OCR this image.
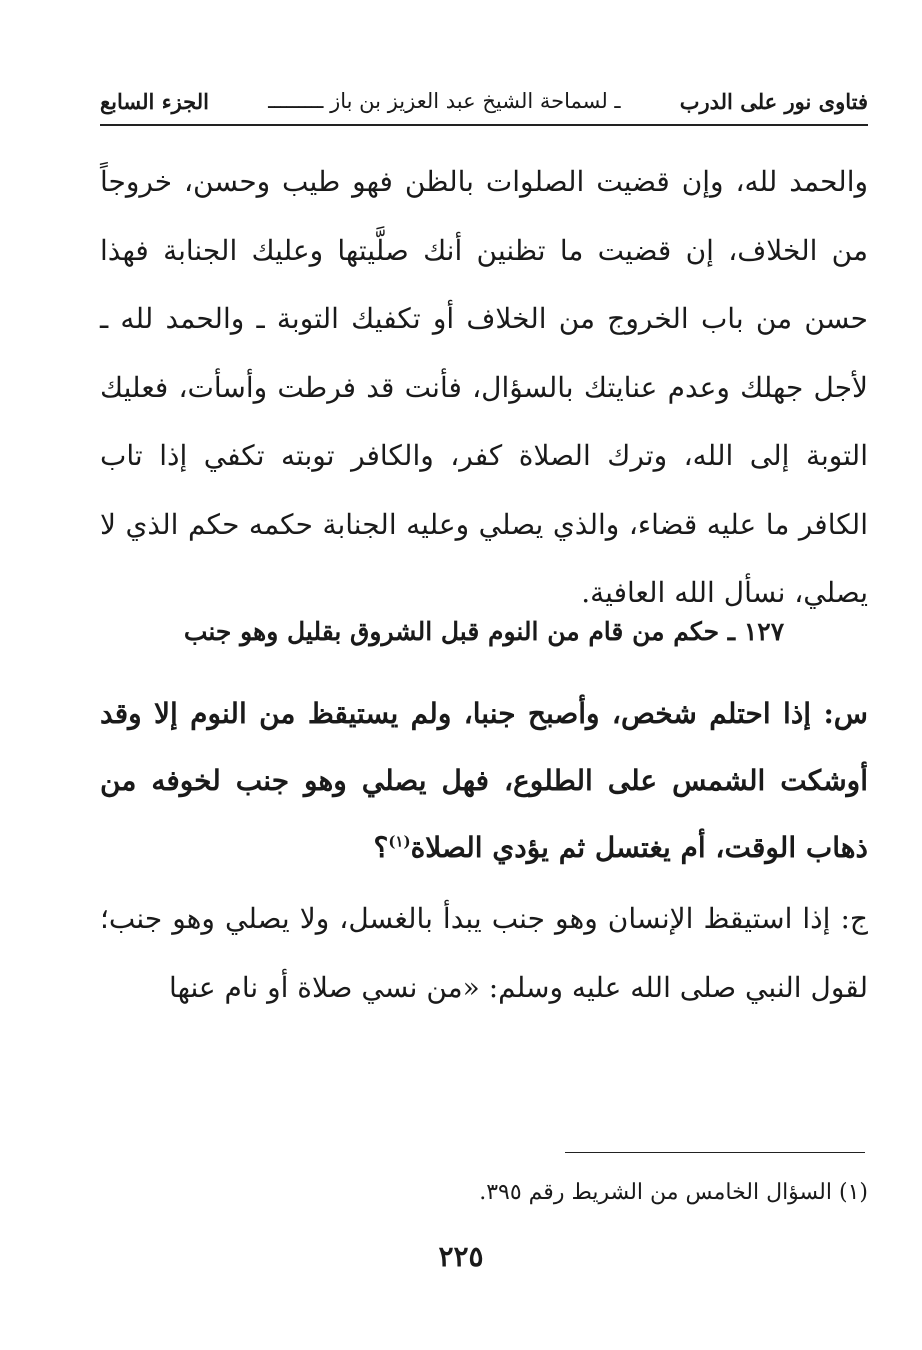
فتاوى نور على الدرب
ـ لسماحة الشيخ عبد العزيز بن باز ـــــــــ
الجزء السابع
والحمد لله، وإن قضيت الصلوات بالظن فهو طيب وحسن، خروجاً من الخلاف، إن قضيت ما تظنين أنك صلَّيتها وعليك الجنابة فهذا حسن من باب الخروج من الخلاف أو تكفيك التوبة ـ والحمد لله ـ لأجل جهلك وعدم عنايتك بالسؤال، فأنت قد فرطت وأسأت، فعليك التوبة إلى الله، وترك الصلاة كفر، والكافر توبته تكفي إذا تاب الكافر ما عليه قضاء، والذي يصلي وعليه الجنابة حكمه حكم الذي لا يصلي، نسأل الله العافية.
١٢٧ ـ حكم من قام من النوم قبل الشروق بقليل وهو جنب
س: إذا احتلم شخص، وأصبح جنبا، ولم يستيقظ من النوم إلا وقد أوشكت الشمس على الطلوع، فهل يصلي وهو جنب لخوفه من ذهاب الوقت، أم يغتسل ثم يؤدي الصلاة$^{(١)}$؟
ج: إذا استيقظ الإنسان وهو جنب يبدأ بالغسل، ولا يصلي وهو جنب؛ لقول النبي صلى الله عليه وسلم: «من نسي صلاة أو نام عنها
(١) السؤال الخامس من الشريط رقم ٣٩٥.
٢٢٥
